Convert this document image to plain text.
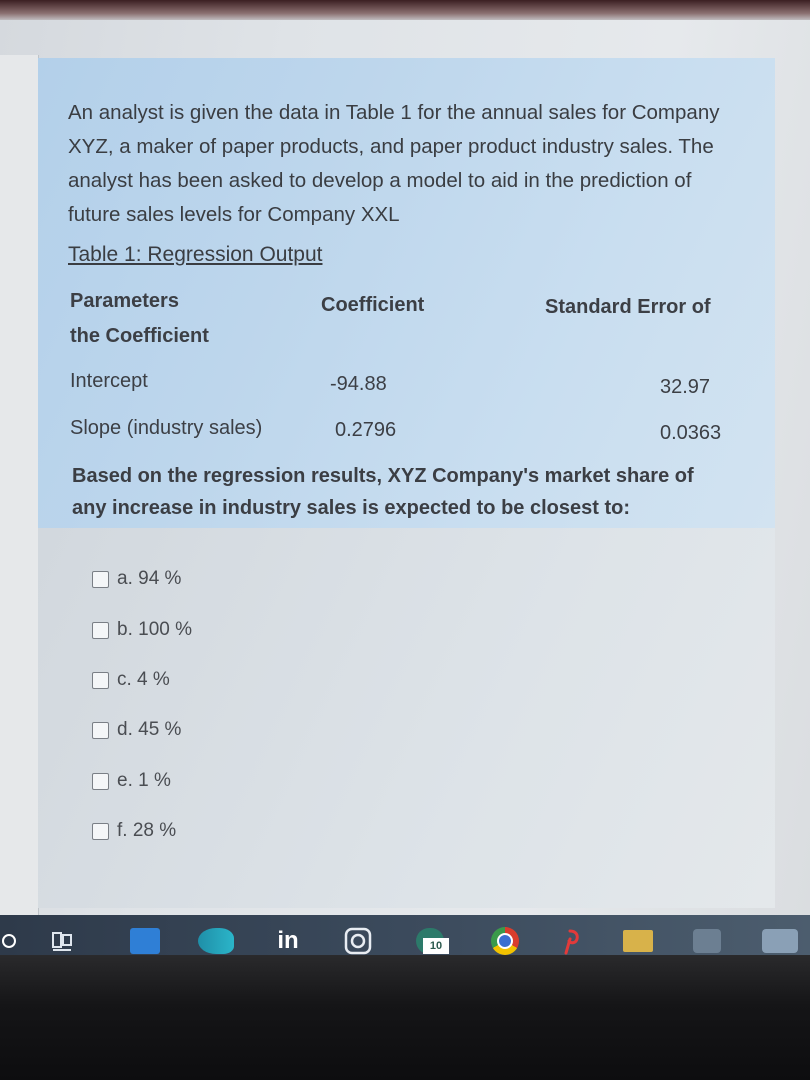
An analyst is given the data in Table 1 for the annual sales for Company XYZ, a maker of paper products, and paper product industry sales. The analyst has been asked to develop a model to aid in the prediction of future sales levels for Company XXL
Table 1: Regression Output
Parameters	Coefficient	Standard Error of
the Coefficient
Intercept	-94.88	32.97
Slope (industry sales)	0.2796	0.0363
Based on the regression results, XYZ Company's market share of any increase in industry sales is expected to be closest to:
a. 94 %
b. 100 %
c. 4 %
d. 45 %
e. 1 %
f. 28 %
in	10
